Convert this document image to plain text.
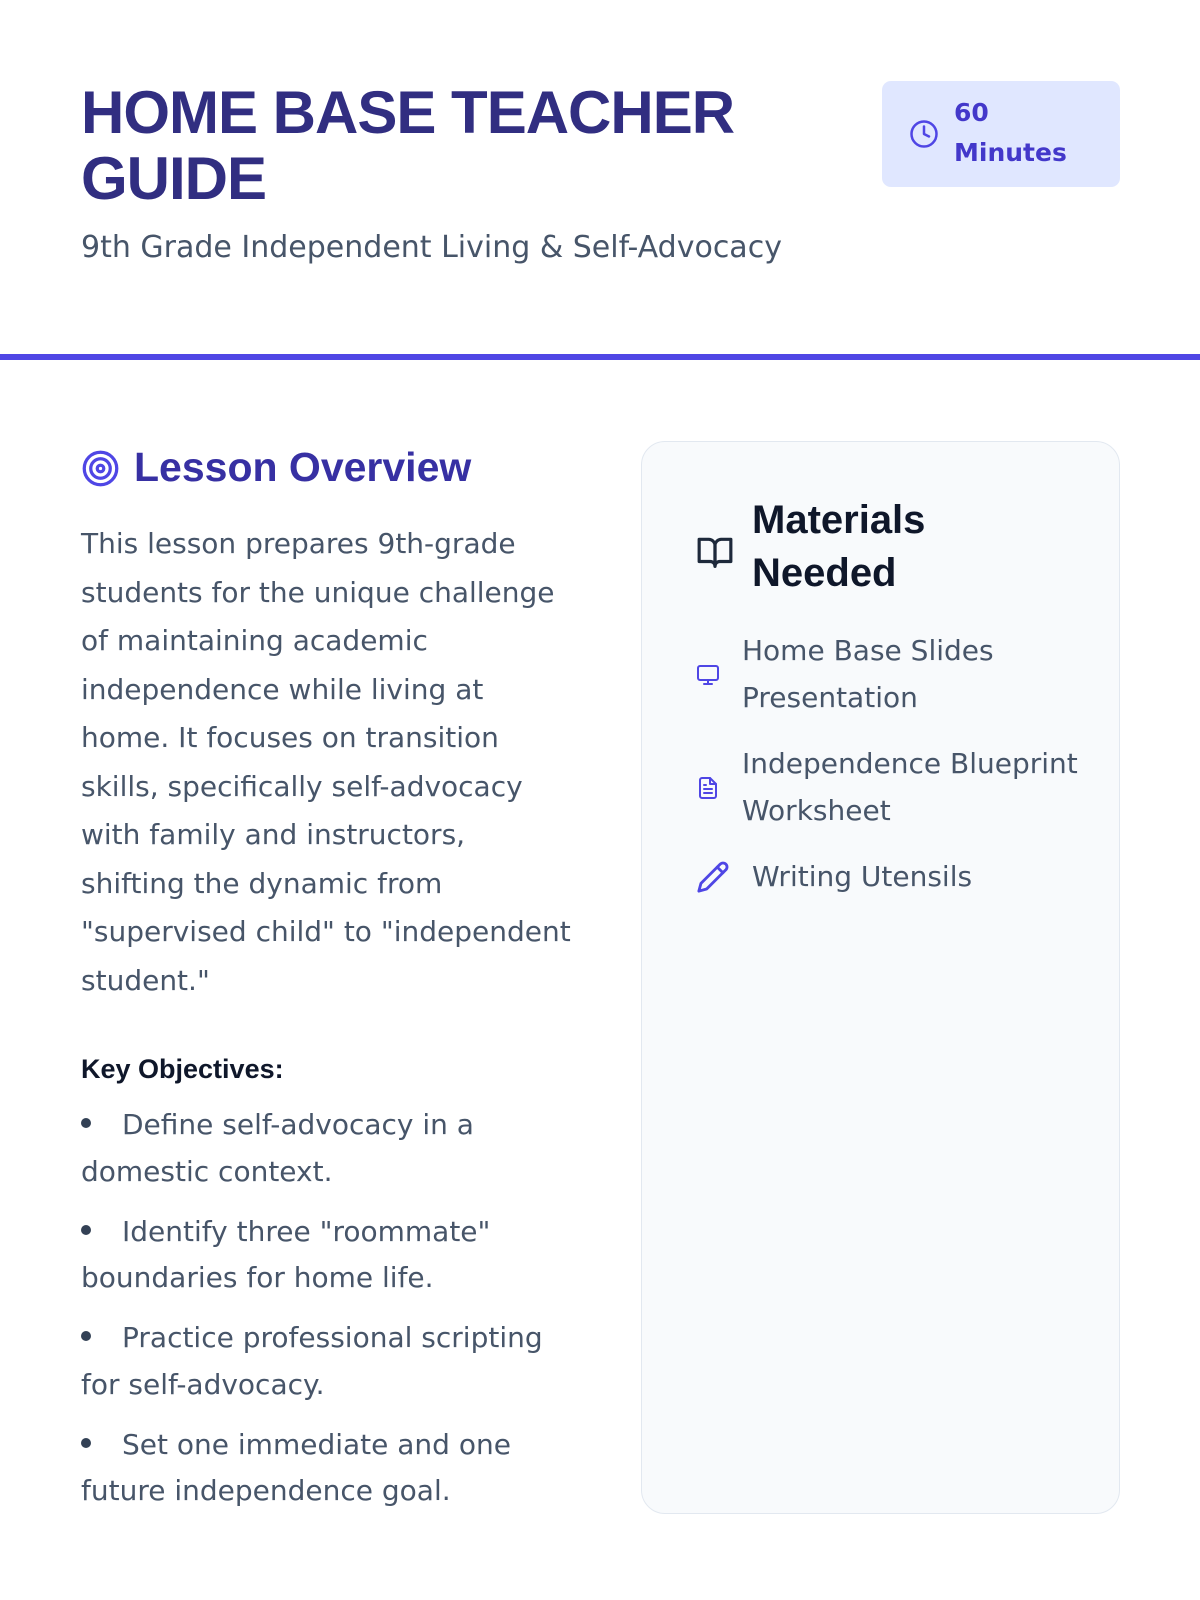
HOME BASE TEACHER GUIDE
9th Grade Independent Living & Self-Advocacy
60 Minutes
Lesson Overview

This lesson prepares 9th-grade students for the unique challenge of maintaining academic independence while living at home. It focuses on transition skills, specifically self-advocacy with family and instructors, shifting the dynamic from "supervised child" to "independent student."

Key Objectives:
Define self-advocacy in a domestic context.
Identify three "roommate" boundaries for home life.
Practice professional scripting for self-advocacy.
Set one immediate and one future independence goal.
Materials Needed
Home Base Slides Presentation
Independence Blueprint Worksheet
Writing Utensils
